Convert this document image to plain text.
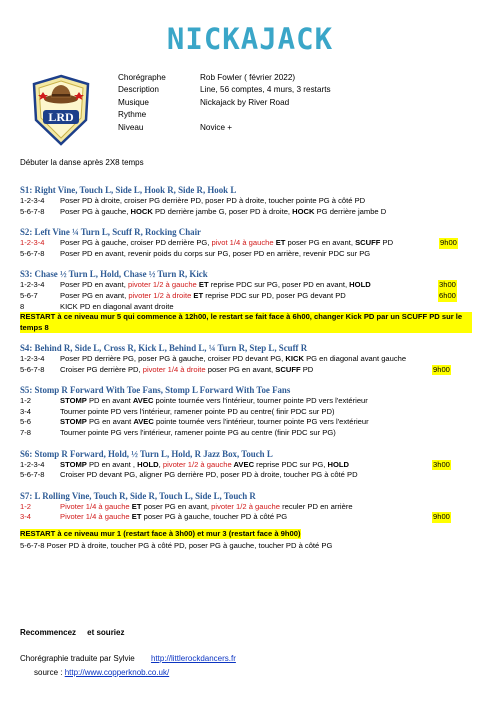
NICKAJACK
LRD
Chorégraphe	Rob Fowler ( février 2022)
Description	Line, 56 comptes, 4 murs, 3 restarts
Musique	Nickajack by River Road
Rythme
Niveau	Novice +
Débuter la danse après 2X8 temps
S1: Right Vine, Touch L, Side L, Hook R, Side R, Hook L
1-2-3-4 Poser PD à droite, croiser PG derrière PD, poser PD à droite, toucher pointe PG à côté PD
5-6-7-8 Poser PG à gauche, HOCK PD derrière jambe G, poser PD à droite, HOCK PG derrière jambe D
S2: Left Vine ¼ Turn L, Scuff R, Rocking Chair
1-2-3-4 Poser PG à gauche, croiser PD derrière PG, pivot 1/4 à gauche ET poser PG en avant, SCUFF PD	9h00
5-6-7-8 Poser PD en avant, revenir poids du corps sur PG, poser PD en arrière, revenir PDC sur PG
S3: Chase ½ Turn L, Hold, Chase ½ Turn R, Kick
1-2-3-4 Poser PD en avant, pivoter 1/2 à gauche ET reprise PDC sur PG, poser PD en avant, HOLD	3h00
5-6-7	Poser PG en avant, pivoter 1/2 à droite ET reprise PDC sur PD, poser PG devant PD	6h00
8	KICK PD en diagonal avant droite
RESTART à ce niveau mur 5 qui commence à 12h00, le restart se fait face à 6h00, changer Kick PD par un SCUFF PD sur le temps 8
S4: Behind R, Side L, Cross R, Kick L, Behind L, ¼ Turn R, Step L, Scuff R
1-2-3-4 Poser PD derrière PG, poser PG à gauche, croiser PD devant PG, KICK PG en diagonal avant gauche
5-6-7-8 Croiser PG derrière PD, pivoter 1/4 à droite poser PG en avant, SCUFF PD	9h00
S5: Stomp R Forward With Toe Fans, Stomp L Forward With Toe Fans
1-2	STOMP PD en avant AVEC pointe tournée vers l'intérieur, tourner pointe PD vers l'extérieur
3-4	Tourner pointe PD vers l'intérieur, ramener pointe PD au centre( finir PDC sur PD)
5-6	STOMP PG en avant AVEC pointe tournée vers l'intérieur, tourner pointe PG vers l'extérieur
7-8	Tourner pointe PG vers l'intérieur, ramener pointe PG au centre (finir PDC sur PG)
S6: Stomp R Forward, Hold, ½ Turn L, Hold, R Jazz Box, Touch L
1-2-3-4 STOMP PD en avant , HOLD, pivoter 1/2 à gauche AVEC reprise PDC sur PG, HOLD	3h00
5-6-7-8 Croiser PD devant PG, aligner PG derrière PD, poser PD à droite, toucher PG à côté PD
S7: L Rolling Vine, Touch R, Side R, Touch L, Side L, Touch R
1-2	Pivoter 1/4 à gauche ET poser PG en avant, pivoter 1/2 à gauche reculer PD en arrière
3-4	Pivoter 1/4 à gauche ET poser PG à gauche, toucher PD à côté PG	9h00
RESTART à ce niveau mur 1 (restart face à 3h00) et mur 3 (restart face à 9h00)
5-6-7-8 Poser PD à droite, toucher PG à côté PD, poser PG à gauche, toucher PD à côté PG
Recommencez     et souriez
Chorégraphie traduite par Sylvie http://littlerockdancers.fr
source : http://www.copperknob.co.uk/
